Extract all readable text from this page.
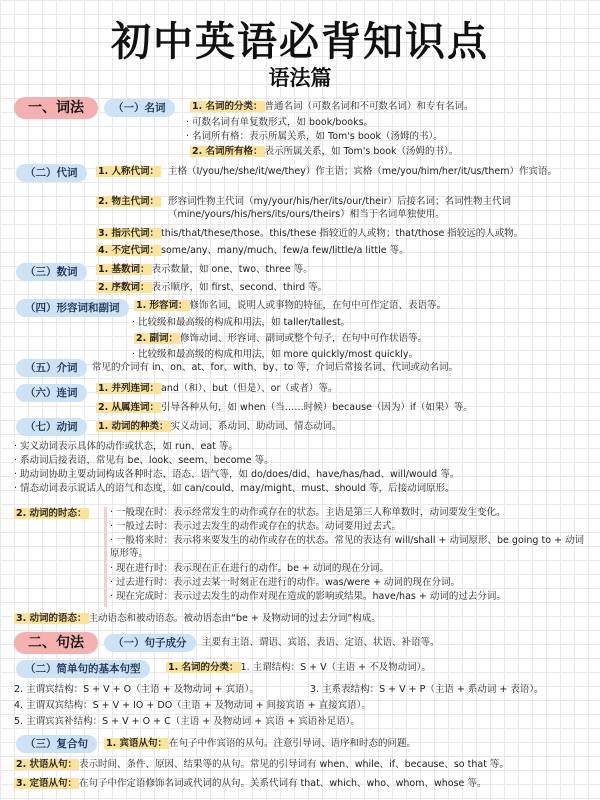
初中英语必背知识点
语法篇
一、词法	（一）名词	1. 名词的分类： 普通名词（可数名词和不可数名词）和专有名词。
· 可数名词有单复数形式，如 book/books。
· 名词所有格：表示所属关系，如 Tom's book（汤姆的书）。
2. 名词所有格： 表示所属关系，如 Tom's book（汤姆的书）。
（二）代词	1. 人称代词： 主格（I/you/he/she/it/we/they）作主语；宾格（me/you/him/her/it/us/them）作宾语。
2. 物主代词： 形容词性物主代词（my/your/his/her/its/our/their）后接名词；名词性物主代词（mine/yours/his/hers/its/ours/theirs）相当于名词单独使用。
3. 指示代词： this/that/these/those。this/these 指较近的人或物；that/those 指较远的人或物。
4. 不定代词： some/any、many/much、few/a few/little/a little 等。
（三）数词	1. 基数词： 表示数量，如 one、two、three 等。
2. 序数词： 表示顺序，如 first、second、third 等。
（四）形容词和副词	1. 形容词： 修饰名词，说明人或事物的特征，在句中可作定语、表语等。
· 比较级和最高级的构成和用法，如 taller/tallest。
2. 副词： 修饰动词、形容词、副词或整个句子，在句中可作状语等。
· 比较级和最高级的构成和用法，如 more quickly/most quickly。
（五）介词	常见的介词有 in、on、at、for、with、by、to 等，介词后常接名词、代词或动名词。
（六）连词	1. 并列连词： and（和）、but（但是）、or（或者）等。
2. 从属连词： 引导各种从句，如 when（当……时候）because（因为）if（如果）等。
（七）动词	1. 动词的种类： 实义动词、系动词、助动词、情态动词。
· 实义动词表示具体的动作或状态，如 run、eat 等。
· 系动词后接表语，常见有 be、look、seem、become 等。
· 助动词协助主要动词构成各种时态、语态、语气等，如 do/does/did、have/has/had、will/would 等。
· 情态动词表示说话人的语气和态度，如 can/could、may/might、must、should 等，后接动词原形。
2. 动词的时态： · 一般现在时：表示经常发生的动作或存在的状态。主语是第三人称单数时，动词要发生变化。
· 一般过去时：表示过去发生的动作或存在的状态。动词要用过去式。
· 一般将来时：表示将来要发生的动作或存在的状态。常见的表达有 will/shall + 动词原形、be going to + 动词原形等。
· 现在进行时：表示现在正在进行的动作。be + 动词的现在分词。
· 过去进行时：表示过去某一时刻正在进行的动作。was/were + 动词的现在分词。
· 现在完成时：表示过去发生的动作对现在造成的影响或结果。have/has + 动词的过去分词。
3. 动词的语态： 主动语态和被动语态。被动语态由“be + 及物动词的过去分词”构成。
二、句法	（一）句子成分	主要有主语、谓语、宾语、表语、定语、状语、补语等。
（二）简单句的基本句型	1. 名词的分类： 1. 主谓结构：S + V（主语 + 不及物动词）。
2. 主谓宾结构：S + V + O（主语 + 及物动词 + 宾语）。	3. 主系表结构：S + V + P（主语 + 系动词 + 表语）。
4. 主谓双宾结构：S + V + IO + DO（主语 + 及物动词 + 间接宾语 + 直接宾语）。
5. 主谓宾宾补结构：S + V + O + C（主语 + 及物动词 + 宾语 + 宾语补足语）。
（三）复合句	1. 宾语从句： 在句子中作宾语的从句。注意引导词、语序和时态的问题。
2. 状语从句： 表示时间、条件、原因、结果等的从句。常见的引导词有 when、while、if、because、so that 等。
3. 定语从句： 在句子中作定语修饰名词或代词的从句。关系代词有 that、which、who、whom、whose 等。
